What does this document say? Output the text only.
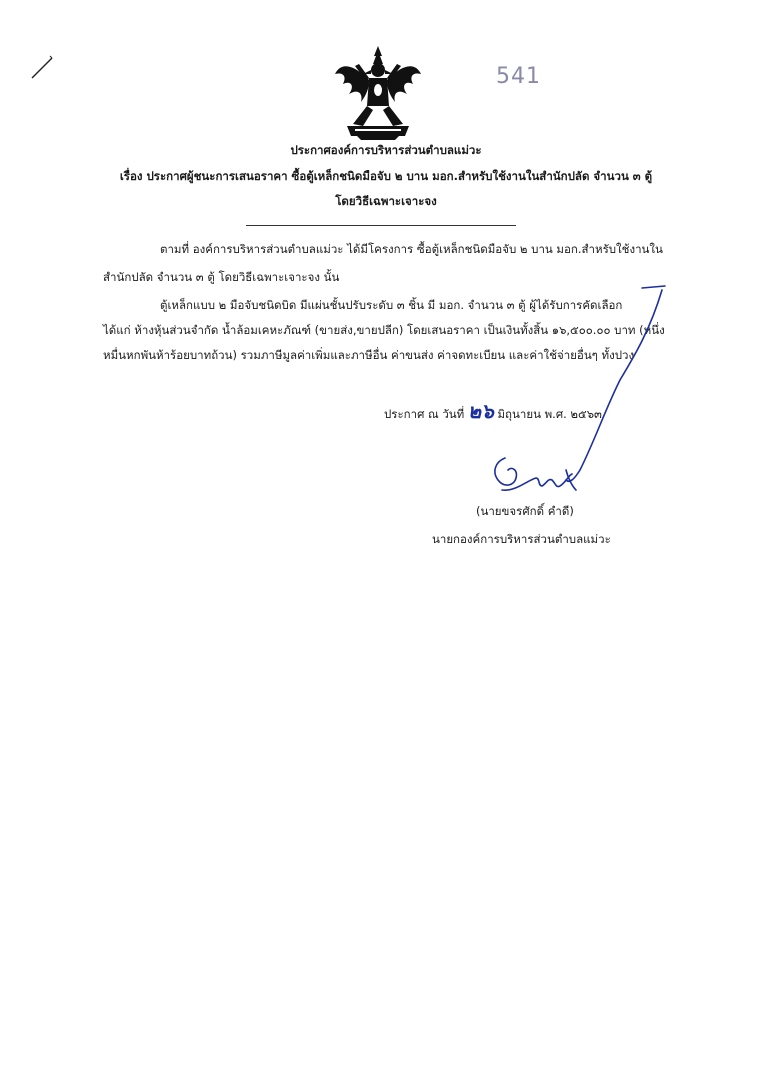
541
ประกาศองค์การบริหารส่วนตำบลแม่วะ
เรื่อง ประกาศผู้ชนะการเสนอราคา ซื้อตู้เหล็กชนิดมือจับ ๒ บาน มอก.สำหรับใช้งานในสำนักปลัด จำนวน ๓ ตู้
โดยวิธีเฉพาะเจาะจง
ตามที่ องค์การบริหารส่วนตำบลแม่วะ ได้มีโครงการ ซื้อตู้เหล็กชนิดมือจับ ๒ บาน มอก.สำหรับใช้งานใน
สำนักปลัด จำนวน ๓ ตู้ โดยวิธีเฉพาะเจาะจง นั้น
ตู้เหล็กแบบ ๒ มือจับชนิดบิด มีแผ่นชั้นปรับระดับ ๓ ชิ้น มี มอก. จำนวน ๓ ตู้ ผู้ได้รับการคัดเลือก
ได้แก่ ห้างหุ้นส่วนจำกัด น้ำล้อมเคหะภัณฑ์ (ขายส่ง,ขายปลีก) โดยเสนอราคา เป็นเงินทั้งสิ้น ๑๖,๕๐๐.๐๐ บาท (หนึ่ง
หมื่นหกพันห้าร้อยบาทถ้วน) รวมภาษีมูลค่าเพิ่มและภาษีอื่น ค่าขนส่ง ค่าจดทะเบียน และค่าใช้จ่ายอื่นๆ ทั้งปวง
ประกาศ ณ วันที่ ๒๖ มิถุนายน พ.ศ. ๒๕๖๓
(นายขจรศักดิ์ คำดี)
นายกองค์การบริหารส่วนตำบลแม่วะ
